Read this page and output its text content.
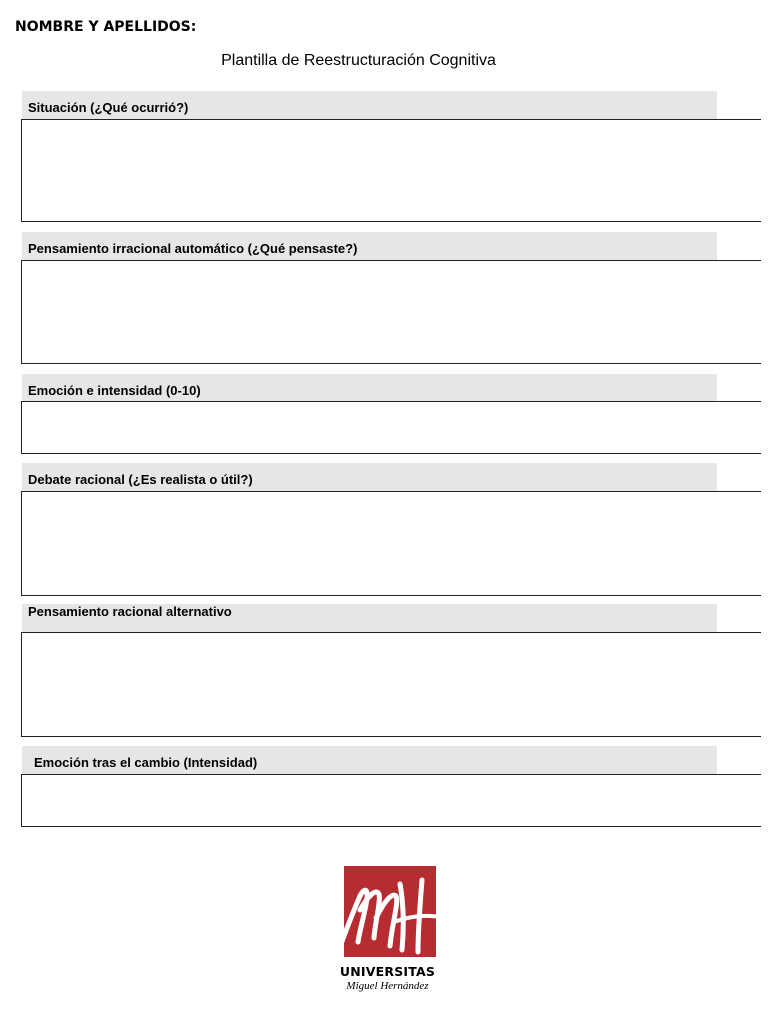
NOMBRE Y APELLIDOS:
Plantilla de Reestructuración Cognitiva
Situación (¿Qué ocurrió?)
Pensamiento irracional automático (¿Qué pensaste?)
Emoción e intensidad (0-10)
Debate racional (¿Es realista o útil?)
Pensamiento racional alternativo
Emoción tras el cambio (Intensidad)
UNIVERSITAS
Miguel Hernández
